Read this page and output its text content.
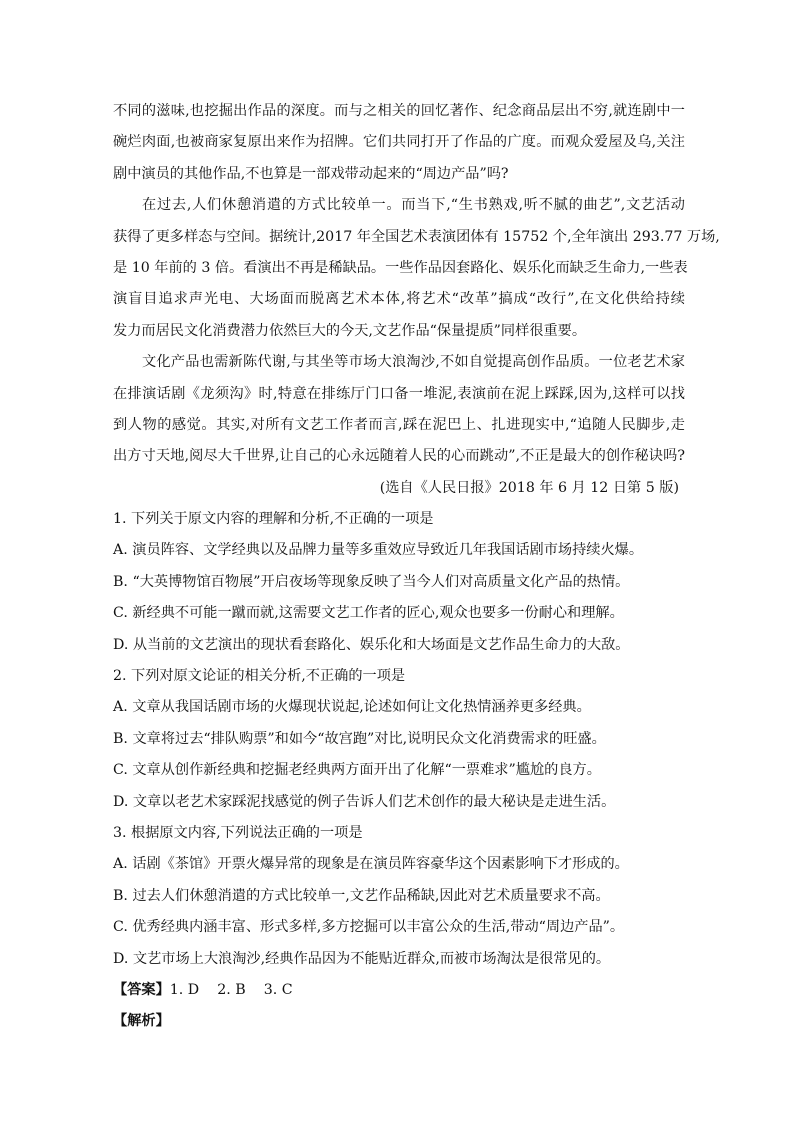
不同的滋味,也挖掘出作品的深度。而与之相关的回忆著作、纪念商品层出不穷,就连剧中一
碗烂肉面,也被商家复原出来作为招牌。它们共同打开了作品的广度。而观众爱屋及乌,关注
剧中演员的其他作品,不也算是一部戏带动起来的“周边产品”吗?
在过去,人们休憩消遣的方式比较单一。而当下,“生书熟戏,听不腻的曲艺”,文艺活动
获得了更多样态与空间。据统计,2017 年全国艺术表演团体有 15752 个,全年演出 293.77 万场,
是 10 年前的 3 倍。看演出不再是稀缺品。一些作品因套路化、娱乐化而缺乏生命力,一些表
演盲目追求声光电、大场面而脱离艺术本体,将艺术“改革”搞成“改行”,在文化供给持续
发力而居民文化消费潜力依然巨大的今天,文艺作品“保量提质”同样很重要。
文化产品也需新陈代谢,与其坐等市场大浪淘沙,不如自觉提高创作品质。一位老艺术家
在排演话剧《龙须沟》时,特意在排练厅门口备一堆泥,表演前在泥上踩踩,因为,这样可以找
到人物的感觉。其实,对所有文艺工作者而言,踩在泥巴上、扎进现实中,“追随人民脚步,走
出方寸天地,阅尽大千世界,让自己的心永远随着人民的心而跳动”,不正是最大的创作秘诀吗?
(选自《人民日报》2018 年 6 月 12 日第 5 版)
1. 下列关于原文内容的理解和分析,不正确的一项是
A. 演员阵容、文学经典以及品牌力量等多重效应导致近几年我国话剧市场持续火爆。
B. “大英博物馆百物展”开启夜场等现象反映了当今人们对高质量文化产品的热情。
C. 新经典不可能一蹴而就,这需要文艺工作者的匠心,观众也要多一份耐心和理解。
D. 从当前的文艺演出的现状看套路化、娱乐化和大场面是文艺作品生命力的大敌。
2. 下列对原文论证的相关分析,不正确的一项是
A. 文章从我国话剧市场的火爆现状说起,论述如何让文化热情涵养更多经典。
B. 文章将过去“排队购票”和如今“故宫跑”对比,说明民众文化消费需求的旺盛。
C. 文章从创作新经典和挖掘老经典两方面开出了化解“一票难求”尴尬的良方。
D. 文章以老艺术家踩泥找感觉的例子告诉人们艺术创作的最大秘诀是走进生活。
3. 根据原文内容,下列说法正确的一项是
A. 话剧《茶馆》开票火爆异常的现象是在演员阵容豪华这个因素影响下才形成的。
B. 过去人们休憩消遣的方式比较单一,文艺作品稀缺,因此对艺术质量要求不高。
C. 优秀经典内涵丰富、形式多样,多方挖掘可以丰富公众的生活,带动“周边产品”。
D. 文艺市场上大浪淘沙,经典作品因为不能贴近群众,而被市场淘汰是很常见的。
【答案】1. D    2. B    3. C
【解析】
